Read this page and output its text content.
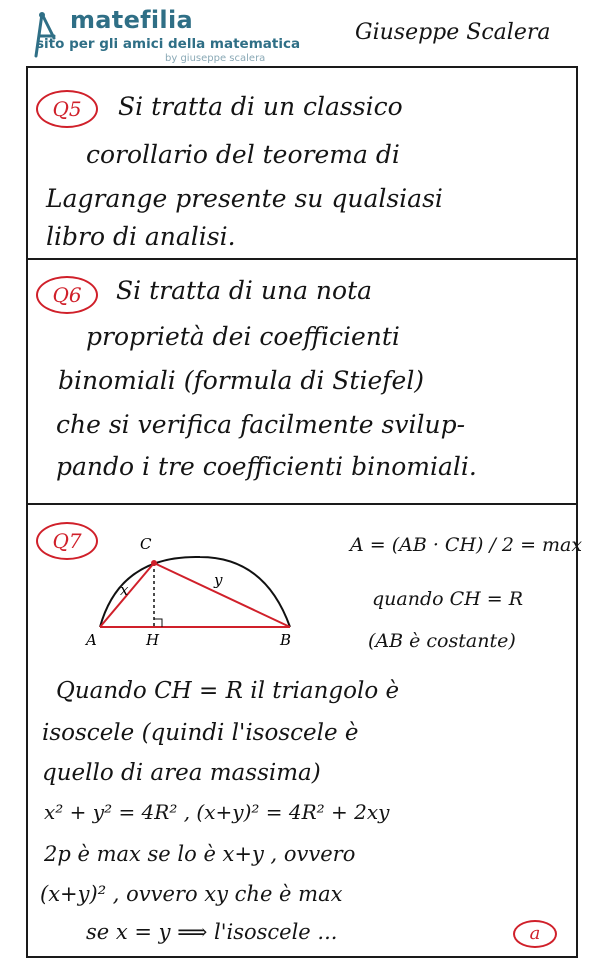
matefilia
sito per gli amici della matematica
by giuseppe scalera
Giuseppe Scalera
Q5	Si tratta di un classico
corollario del teorema di
Lagrange presente su qualsiasi
libro di analisi.
Q6	Si tratta di una nota
proprietà dei coefficienti
binomiali (formula di Stiefel)
che si verifica facilmente svilup-
pando i tre coefficienti binomiali.
Q7	C
A	H	B
x
y
A = (AB · CH) / 2 = max
quando CH = R
(AB è costante)
Quando CH = R il triangolo è
isoscele (quindi l'isoscele è
quello di area massima)
x² + y² = 4R² , (x+y)² = 4R² + 2xy
2p è max se lo è x+y , ovvero
(x+y)² , ovvero xy che è max
se x = y ⟹ l'isoscele ...	a
